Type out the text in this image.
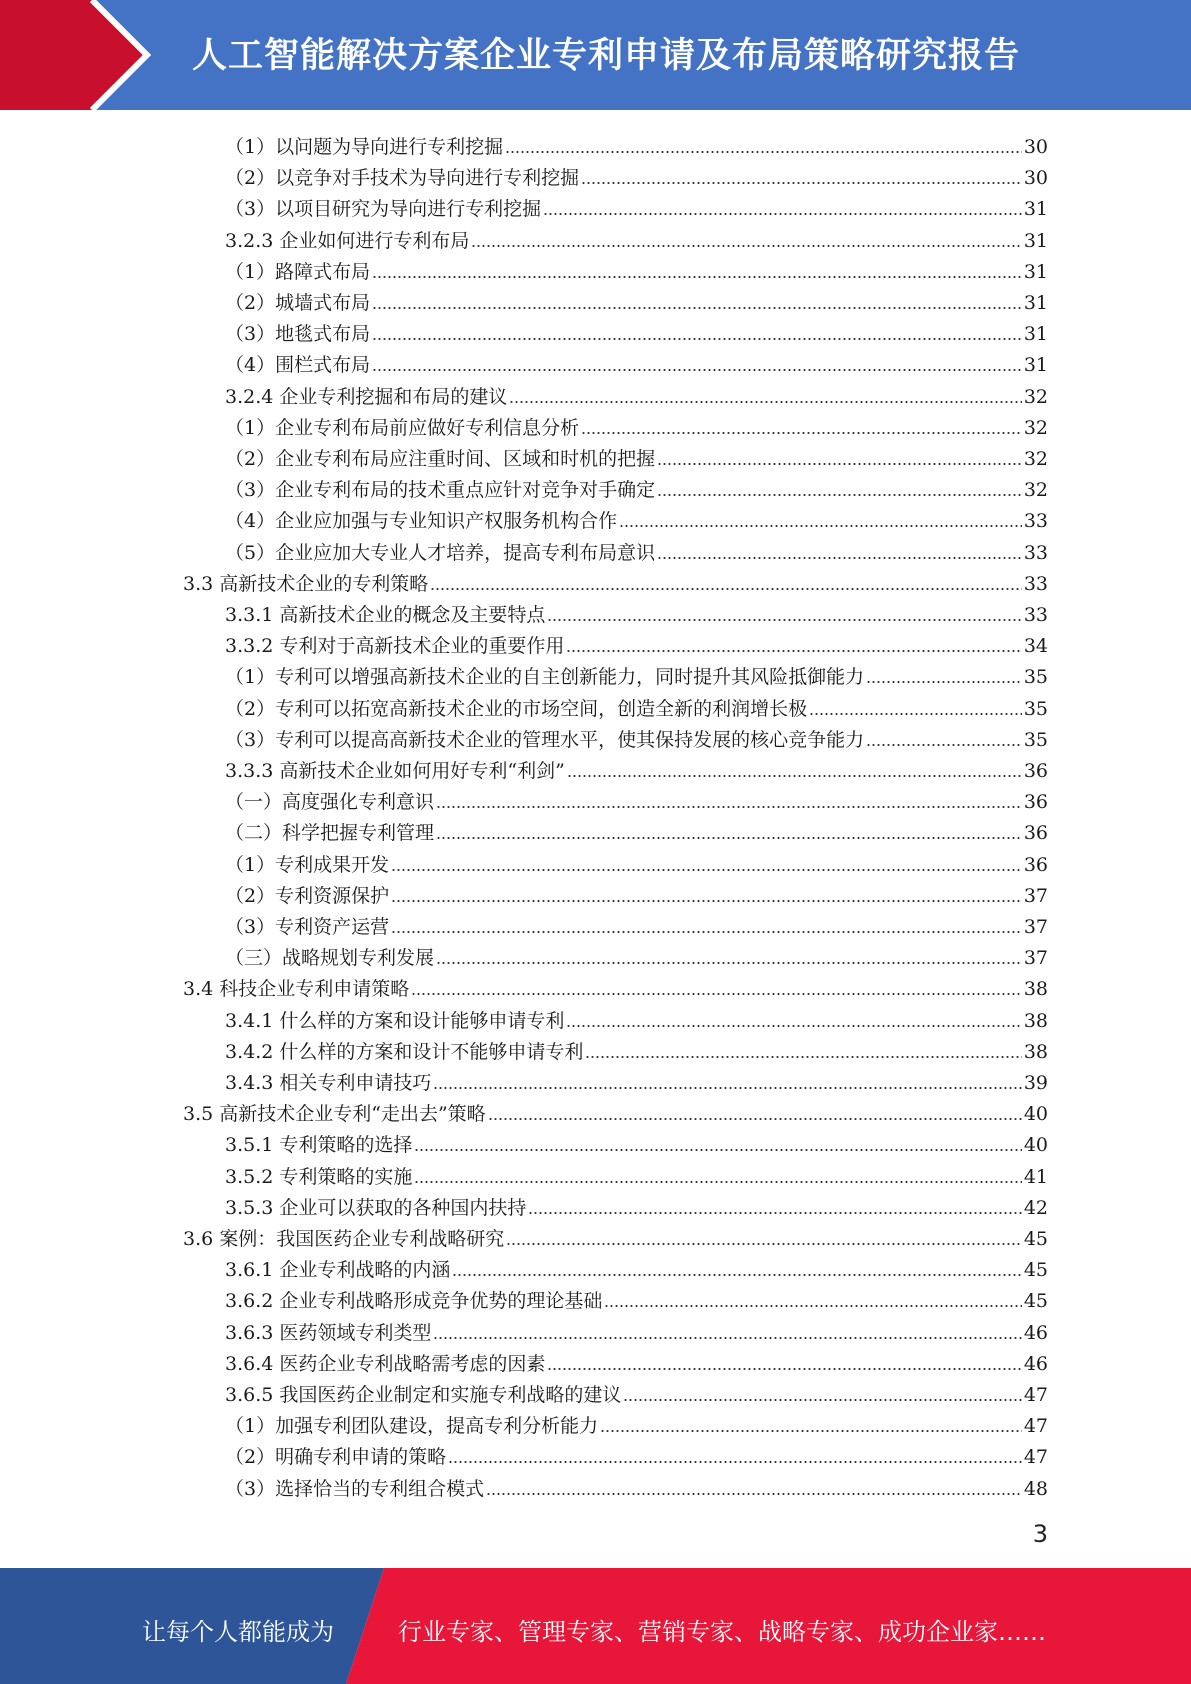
人工智能解决方案企业专利申请及布局策略研究报告
（1）以问题为导向进行专利挖掘	30
（2）以竞争对手技术为导向进行专利挖掘	30
（3）以项目研究为导向进行专利挖掘	31
3.2.3 企业如何进行专利布局	31
（1）路障式布局	31
（2）城墙式布局	31
（3）地毯式布局	31
（4）围栏式布局	31
3.2.4 企业专利挖掘和布局的建议	32
（1）企业专利布局前应做好专利信息分析	32
（2）企业专利布局应注重时间、区域和时机的把握	32
（3）企业专利布局的技术重点应针对竞争对手确定	32
（4）企业应加强与专业知识产权服务机构合作	33
（5）企业应加大专业人才培养，提高专利布局意识	33
3.3 高新技术企业的专利策略	33
3.3.1 高新技术企业的概念及主要特点	33
3.3.2 专利对于高新技术企业的重要作用	34
（1）专利可以增强高新技术企业的自主创新能力，同时提升其风险抵御能力	35
（2）专利可以拓宽高新技术企业的市场空间，创造全新的利润增长极	35
（3）专利可以提高高新技术企业的管理水平，使其保持发展的核心竞争能力	35
3.3.3 高新技术企业如何用好专利“利剑”	36
（一）高度强化专利意识	36
（二）科学把握专利管理	36
（1）专利成果开发	36
（2）专利资源保护	37
（3）专利资产运营	37
（三）战略规划专利发展	37
3.4 科技企业专利申请策略	38
3.4.1 什么样的方案和设计能够申请专利	38
3.4.2 什么样的方案和设计不能够申请专利	38
3.4.3 相关专利申请技巧	39
3.5 高新技术企业专利“走出去”策略	40
3.5.1 专利策略的选择	40
3.5.2 专利策略的实施	41
3.5.3 企业可以获取的各种国内扶持	42
3.6 案例：我国医药企业专利战略研究	45
3.6.1 企业专利战略的内涵	45
3.6.2 企业专利战略形成竞争优势的理论基础	45
3.6.3 医药领域专利类型	46
3.6.4 医药企业专利战略需考虑的因素	46
3.6.5 我国医药企业制定和实施专利战略的建议	47
（1）加强专利团队建设，提高专利分析能力	47
（2）明确专利申请的策略	47
（3）选择恰当的专利组合模式	48
3
让每个人都能成为	行业专家、管理专家、营销专家、战略专家、成功企业家……
